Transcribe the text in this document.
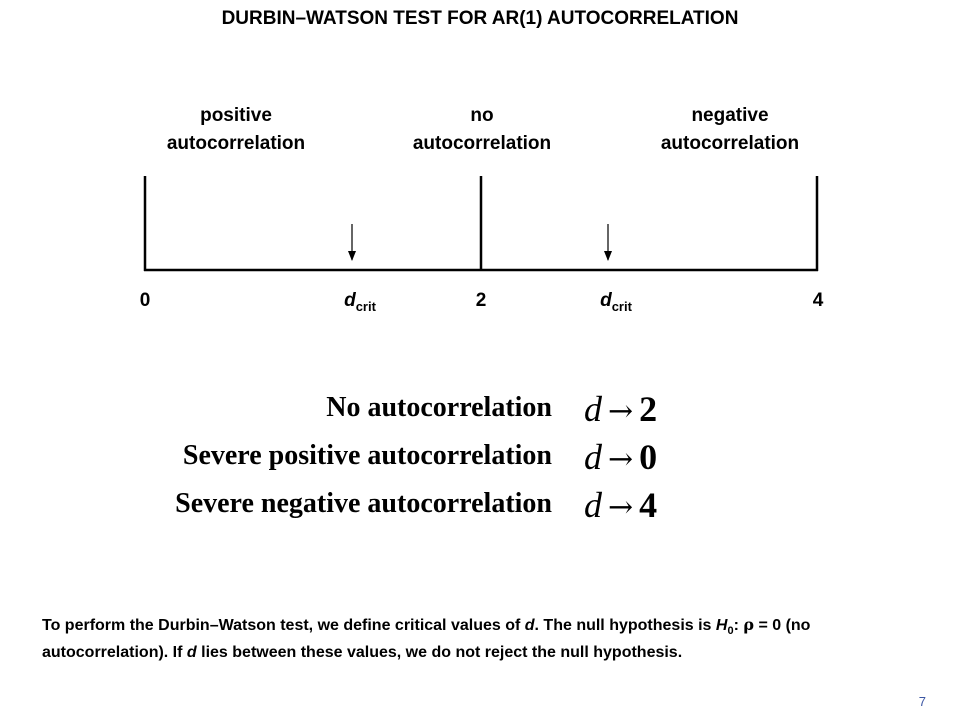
DURBIN–WATSON TEST FOR AR(1) AUTOCORRELATION
positive
autocorrelation
no
autocorrelation
negative
autocorrelation
0	$d_{crit}$	2	$d_{crit}$	4
No autocorrelation d → 2
Severe positive autocorrelation d → 0
Severe negative autocorrelation d → 4
To perform the Durbin–Watson test, we define critical values of d. The null hypothesis is $H_0$: ρ = 0 (no autocorrelation). If d lies between these values, we do not reject the null hypothesis.
7
